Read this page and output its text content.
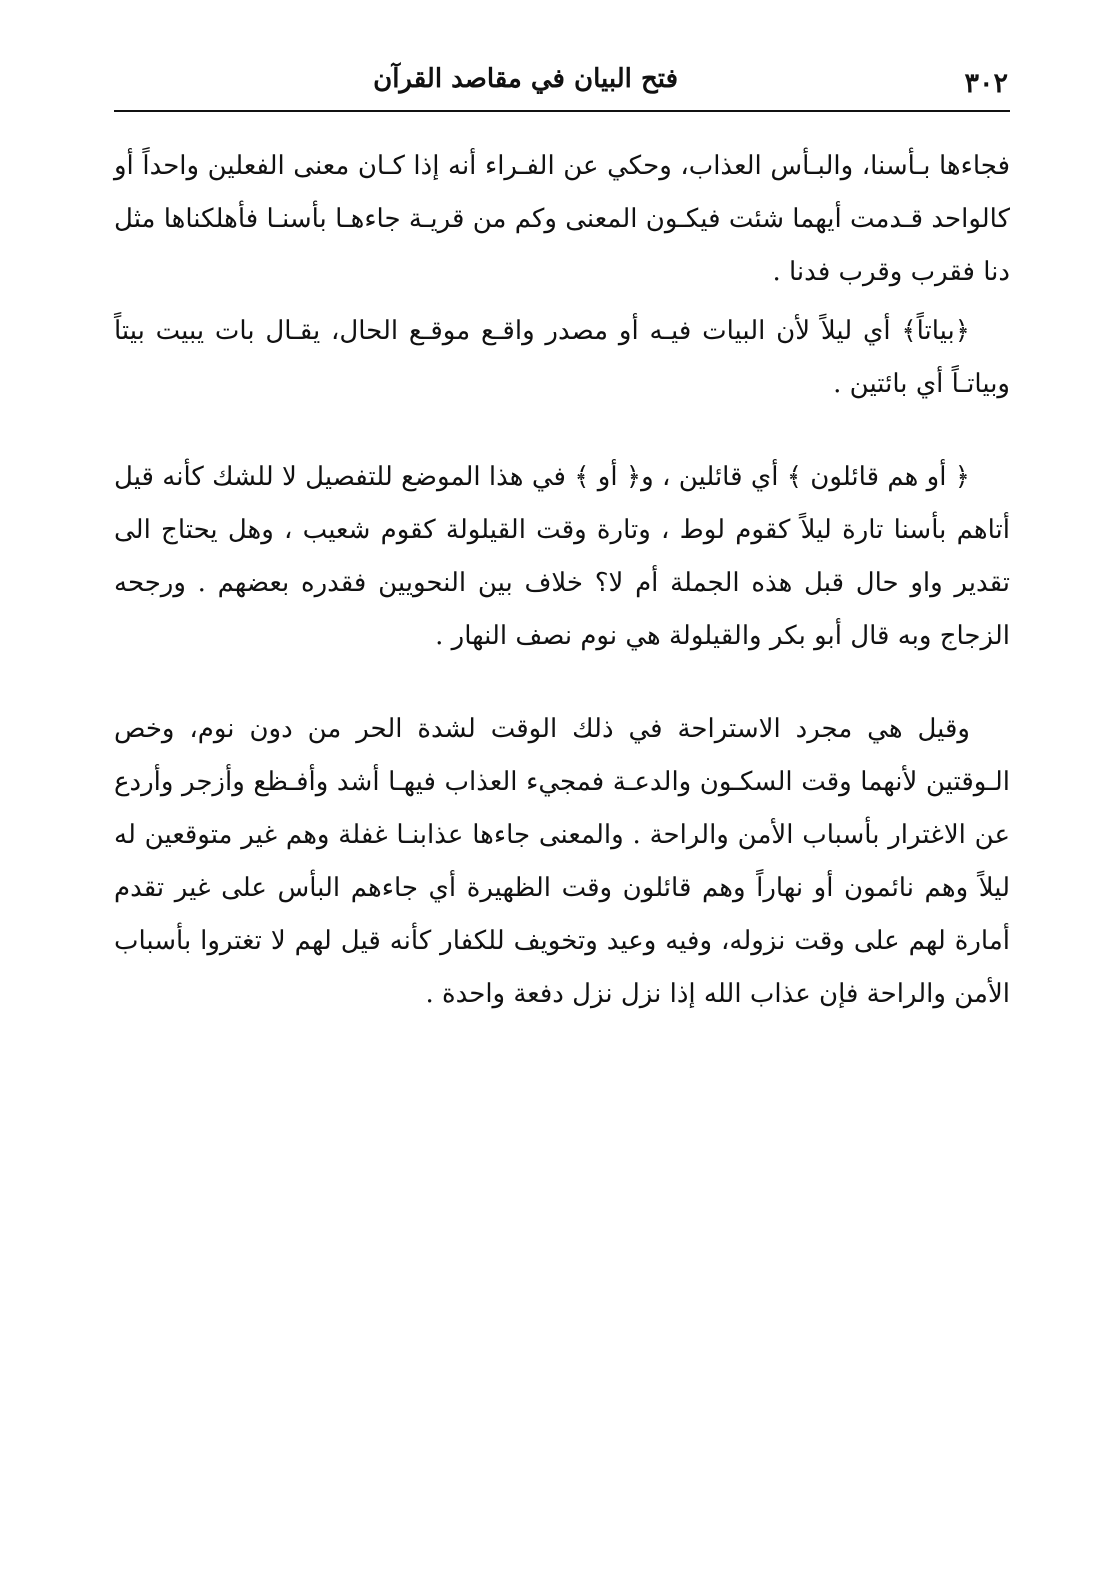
٣٠٢
فتح البيان في مقاصد القرآن

فجاءها بـأسنا، والبـأس العذاب، وحكي عن الفـراء أنه إذا كـان معنى الفعلين واحداً أو كالواحد قـدمت أيهما شئت فيكـون المعنى وكم من قريـة جاءهـا بأسنـا فأهلكناها مثل دنا فقرب وقرب فدنا .

﴿بياتاً﴾ أي ليلاً لأن البيات فيـه أو مصدر واقـع موقـع الحال، يقـال بات يبيت بيتاً وبياتـاً أي بائتين .

﴿ أو هم قائلون ﴾ أي قائلين ، و﴿ أو ﴾ في هذا الموضع للتفصيل لا للشك كأنه قيل أتاهم بأسنا تارة ليلاً كقوم لوط ، وتارة وقت القيلولة كقوم شعيب ، وهل يحتاج الى تقدير واو حال قبل هذه الجملة أم لا؟ خلاف بين النحويين فقدره بعضهم . ورجحه الزجاج وبه قال أبو بكر والقيلولة هي نوم نصف النهار .

وقيل هي مجرد الاستراحة في ذلك الوقت لشدة الحر من دون نوم، وخص الـوقتين لأنهما وقت السكـون والدعـة فمجيء العذاب فيهـا أشد وأفـظع وأزجر وأردع عن الاغترار بأسباب الأمن والراحة . والمعنى جاءها عذابنـا غفلة وهم غير متوقعين له ليلاً وهم نائمون أو نهاراً وهم قائلون وقت الظهيرة أي جاءهم البأس على غير تقدم أمارة لهم على وقت نزوله، وفيه وعيد وتخويف للكفار كأنه قيل لهم لا تغتروا بأسباب الأمن والراحة فإن عذاب الله إذا نزل نزل دفعة واحدة .
